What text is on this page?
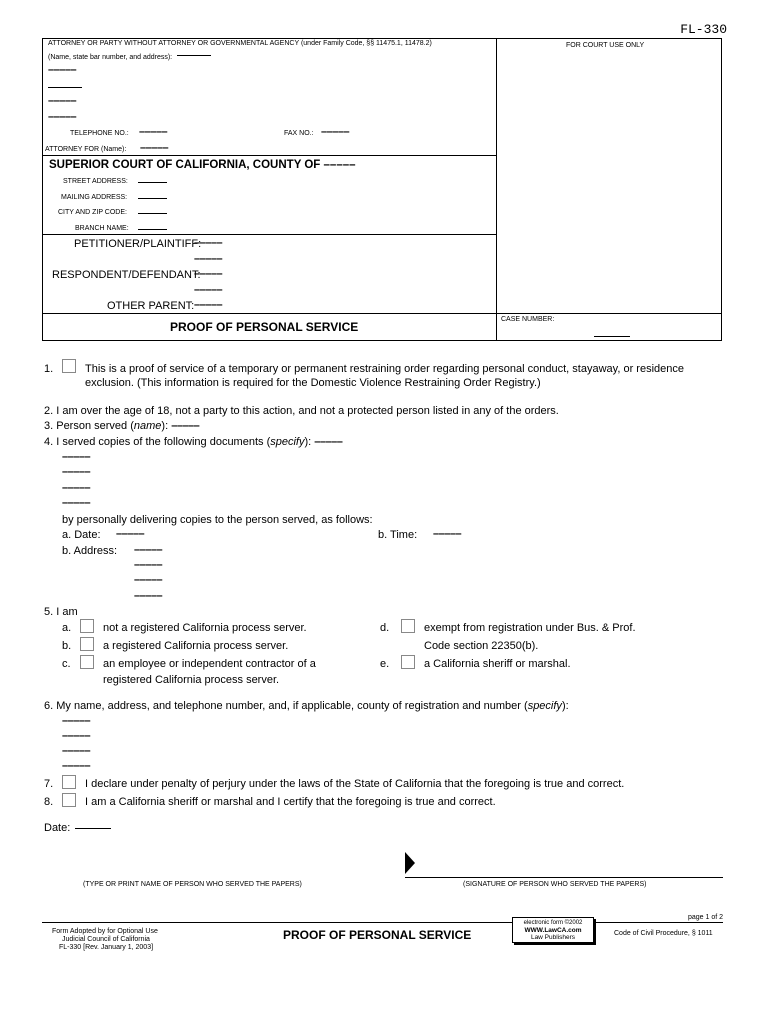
FL-330
ATTORNEY OR PARTY WITHOUT ATTORNEY OR GOVERNMENTAL AGENCY (under Family Code, §§ 11475.1, 11478.2)
(Name, state bar number, and address):
–––––
–––––
–––––
TELEPHONE NO.: –––––	FAX NO.: –––––
ATTORNEY FOR (Name): –––––
FOR COURT USE ONLY
SUPERIOR COURT OF CALIFORNIA, COUNTY OF –––––
STREET ADDRESS:
MAILING ADDRESS:
CITY AND ZIP CODE:
BRANCH NAME:
PETITIONER/PLAINTIFF:
–––––
–––––
RESPONDENT/DEFENDANT:
–––––
–––––
OTHER PARENT: –––––
PROOF OF PERSONAL SERVICE
CASE NUMBER:
1.	This is a proof of service of a temporary or permanent restraining order regarding personal conduct, stayaway, or residence
exclusion. (This information is required for the Domestic Violence Restraining Order Registry.)
2. I am over the age of 18, not a party to this action, and not a protected person listed in any of the orders.
3. Person served (name): –––––
4. I served copies of the following documents (specify): –––––
–––––
–––––
–––––
–––––
by personally delivering copies to the person served, as follows:
a. Date: –––––	b. Time: –––––
b. Address: –––––
–––––
–––––
–––––
5. I am
a.	not a registered California process server.
b.	a registered California process server.
c.	an employee or independent contractor of a
registered California process server.
d.	exempt from registration under Bus. & Prof.
Code section 22350(b).
e.	a California sheriff or marshal.
6. My name, address, and telephone number, and, if applicable, county of registration and number (specify):
–––––
–––––
–––––
–––––
7.	I declare under penalty of perjury under the laws of the State of California that the foregoing is true and correct.
8.	I am a California sheriff or marshal and I certify that the foregoing is true and correct.
Date:
(TYPE OR PRINT NAME OF PERSON WHO SERVED THE PAPERS)	(SIGNATURE OF PERSON WHO SERVED THE PAPERS)
page 1 of 2
Form Adopted by for Optional Use
Judicial Council of California
FL-330 [Rev. January 1, 2003]
PROOF OF PERSONAL SERVICE
electronic form ©2002
WWW.LawCA.com
Law Publishers
Code of Civil Procedure, § 1011
